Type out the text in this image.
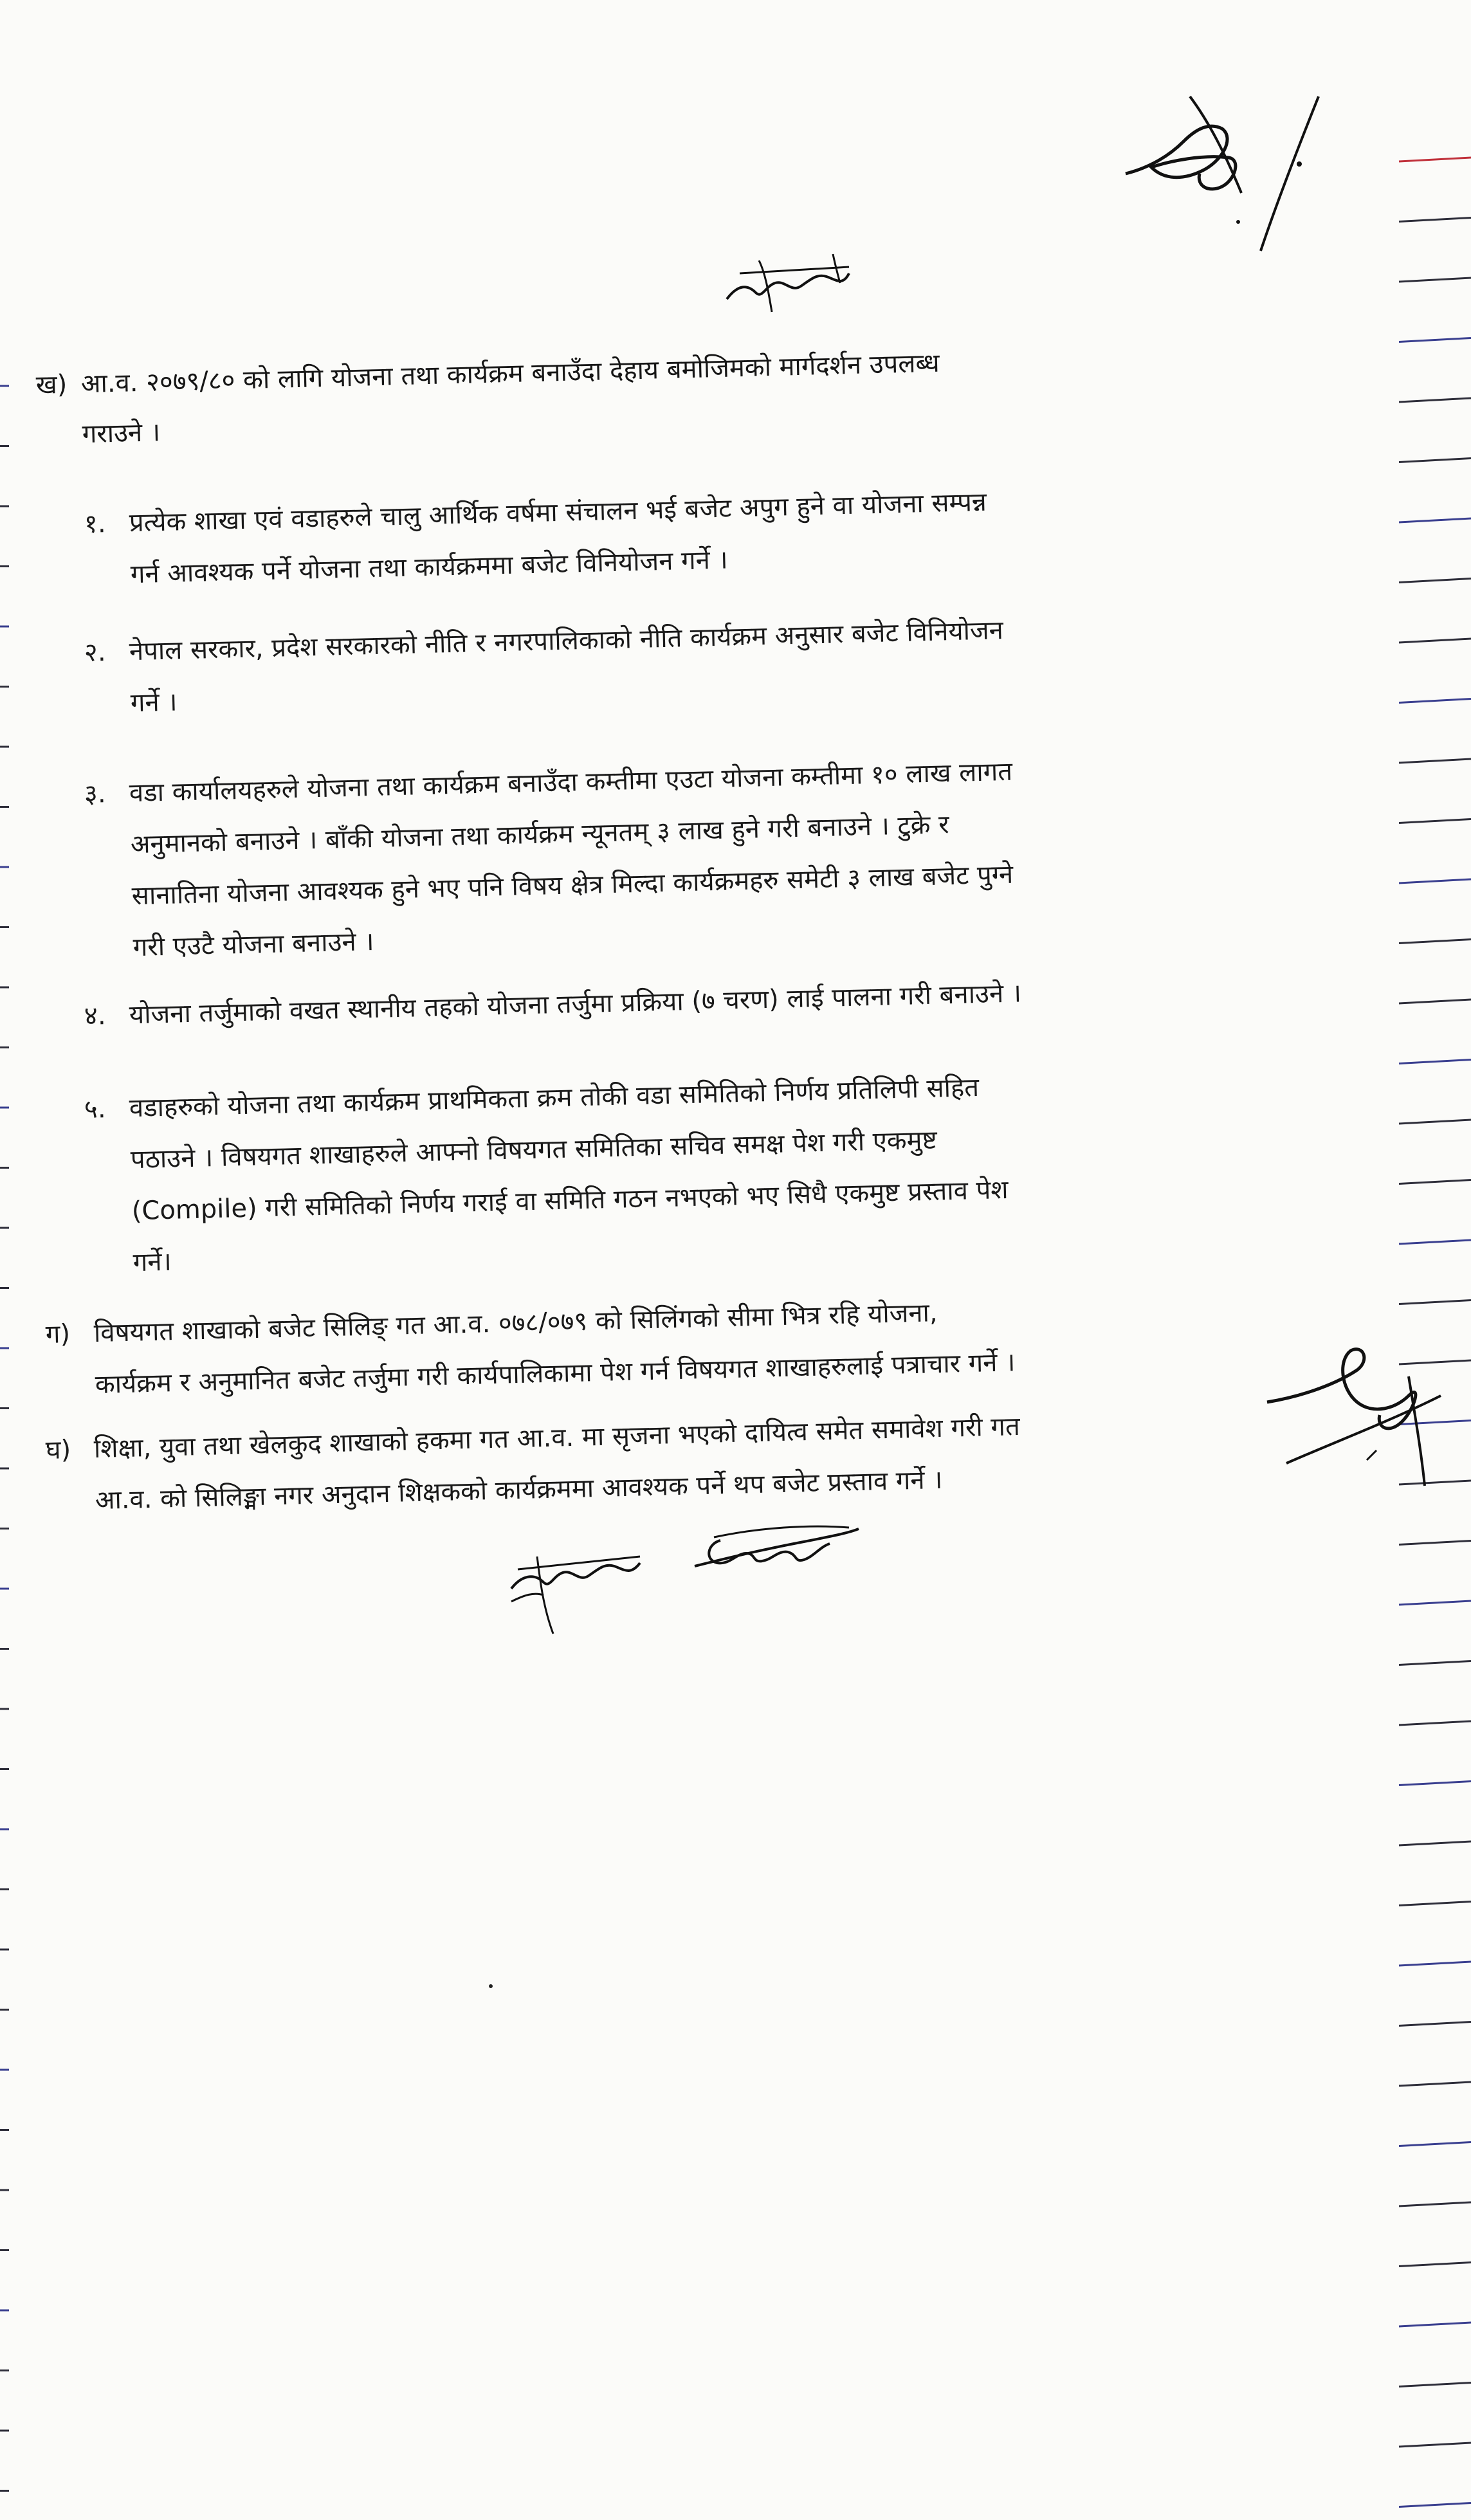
ख) आ.व. २०७९/८० को लागि योजना तथा कार्यक्रम बनाउँदा देहाय बमोजिमको मार्गदर्शन उपलब्ध
गराउने ।
१. प्रत्येक शाखा एवं वडाहरुले चालु आर्थिक वर्षमा संचालन भई बजेट अपुग हुने वा योजना सम्पन्न
गर्न आवश्यक पर्ने योजना तथा कार्यक्रममा बजेट विनियोजन गर्ने ।
२. नेपाल सरकार, प्रदेश सरकारको नीति र नगरपालिकाको नीति कार्यक्रम अनुसार बजेट विनियोजन
गर्ने ।
३. वडा कार्यालयहरुले योजना तथा कार्यक्रम बनाउँदा कम्तीमा एउटा योजना कम्तीमा १० लाख लागत
अनुमानको बनाउने । बाँकी योजना तथा कार्यक्रम न्यूनतम् ३ लाख हुने गरी बनाउने । टुक्रे र
सानातिना योजना आवश्यक हुने भए पनि विषय क्षेत्र मिल्दा कार्यक्रमहरु समेटी ३ लाख बजेट पुग्ने
गरी एउटै योजना बनाउने ।
४. योजना तर्जुमाको वखत स्थानीय तहको योजना तर्जुमा प्रक्रिया (७ चरण) लाई पालना गरी बनाउने ।
५. वडाहरुको योजना तथा कार्यक्रम प्राथमिकता क्रम तोकी वडा समितिको निर्णय प्रतिलिपी सहित
पठाउने । विषयगत शाखाहरुले आफ्नो विषयगत समितिका सचिव समक्ष पेश गरी एकमुष्ट
(Compile) गरी समितिको निर्णय गराई वा समिति गठन नभएको भए सिधै एकमुष्ट प्रस्ताव पेश
गर्ने।
ग) विषयगत शाखाको बजेट सिलिङ् गत आ.व. ०७८/०७९ को सिलिंगको सीमा भित्र रहि योजना,
कार्यक्रम र अनुमानित बजेट तर्जुमा गरी कार्यपालिकामा पेश गर्न विषयगत शाखाहरुलाई पत्राचार गर्ने ।
घ) शिक्षा, युवा तथा खेलकुद शाखाको हकमा गत आ.व. मा सृजना भएको दायित्व समेत समावेश गरी गत
आ.व. को सिलिङ्मा नगर अनुदान शिक्षकको कार्यक्रममा आवश्यक पर्ने थप बजेट प्रस्ताव गर्ने ।
